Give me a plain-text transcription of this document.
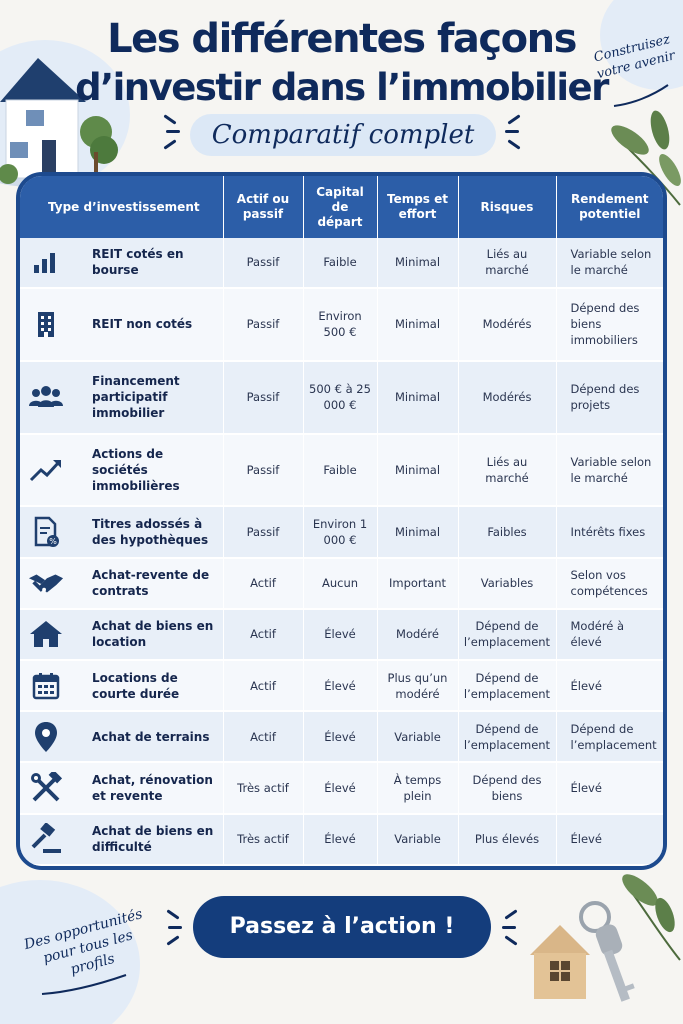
Les différentes façons
d’investir dans l’immobilier
Comparatif complet
Construisez votre avenir
Type d’investissement	Actif ou passif	Capital de départ	Temps et effort	Risques	Rendement potentiel

REIT cotés en bourse	Passif	Faible	Minimal	Liés au marché	Variable selon le marché

REIT non cotés	Passif	Environ 500 €	Minimal	Modérés	Dépend des biens immobiliers

Financement participatif immobilier	Passif	500 € à 25 000 €	Minimal	Modérés	Dépend des projets

Actions de sociétés immobilières	Passif	Faible	Minimal	Liés au marché	Variable selon le marché

%
Titres adossés à des hypothèques	Passif	Environ 1 000 €	Minimal	Faibles	Intérêts fixes

Achat-revente de contrats	Actif	Aucun	Important	Variables	Selon vos compétences

Achat de biens en location	Actif	Élevé	Modéré	Dépend de l’emplacement	Modéré à élevé

Locations de courte durée	Actif	Élevé	Plus qu’un modéré	Dépend de l’emplacement	Élevé

Achat de terrains	Actif	Élevé	Variable	Dépend de l’emplacement	Dépend de l’emplacement

Achat, rénovation et revente	Très actif	Élevé	À temps plein	Dépend des biens	Élevé

Achat de biens en difficulté	Très actif	Élevé	Variable	Plus élevés	Élevé
Des opportunités pour tous les profils
Passez à l’action !
